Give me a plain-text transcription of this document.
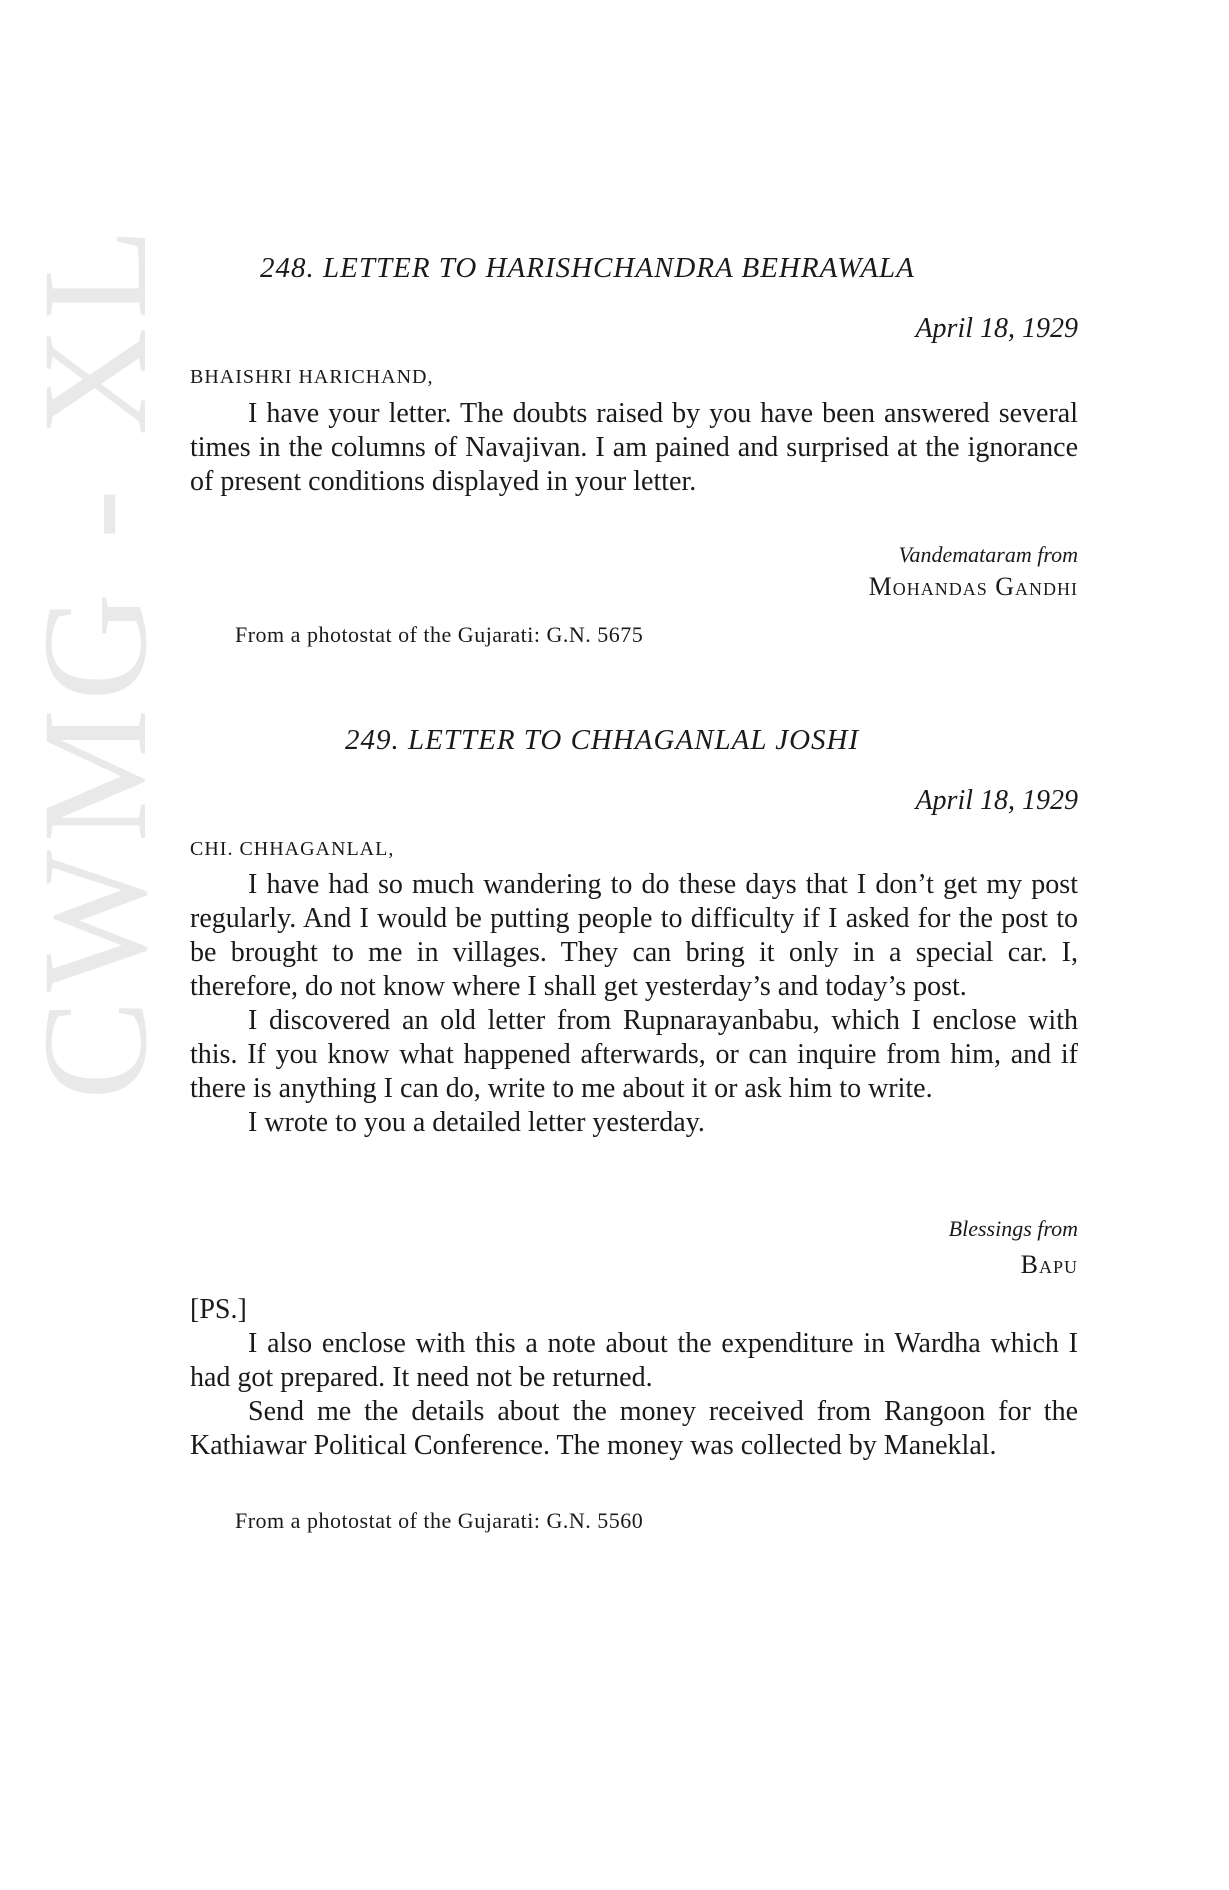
CWMG - XL	248. LETTER TO HARISHCHANDRA BEHRAWALA
April 18, 1929
BHAISHRI HARICHAND,

I have your letter. The doubts raised by you have been answered several times in the columns of Navajivan. I am pained and surprised at the ignorance of present conditions displayed in your letter.

Vandemataram from
Mohandas Gandhi
From a photostat of the Gujarati: G.N. 5675
249. LETTER TO CHHAGANLAL JOSHI
April 18, 1929
CHI. CHHAGANLAL,

I have had so much wandering to do these days that I don’t get my post regularly. And I would be putting people to difficulty if I asked for the post to be brought to me in villages. They can bring it only in a special car. I, therefore, do not know where I shall get yesterday’s and today’s post.

I discovered an old letter from Rupnarayanbabu, which I enclose with this. If you know what happened afterwards, or can inquire from him, and if there is anything I can do, write to me about it or ask him to write.

I wrote to you a detailed letter yesterday.

Blessings from
Bapu
[PS.]

I also enclose with this a note about the expenditure in Wardha which I had got prepared. It need not be returned.

Send me the details about the money received from Rangoon for the Kathiawar Political Conference. The money was collected by Maneklal.

From a photostat of the Gujarati: G.N. 5560
